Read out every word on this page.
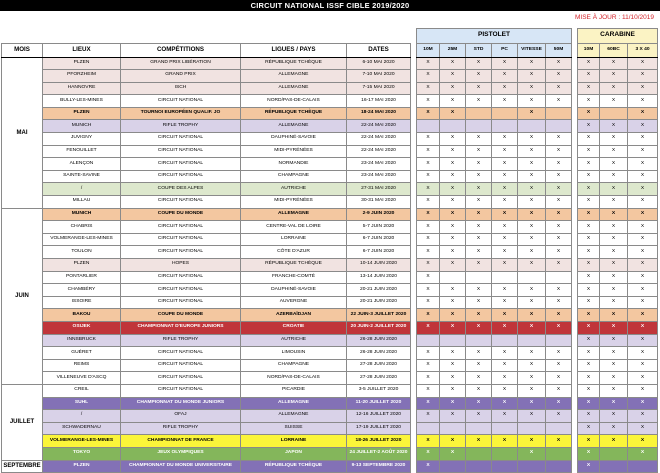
CIRCUIT NATIONAL ISSF CIBLE 2019/2020
MISE À JOUR : 11/10/2019
						PISTOLET							CARABINE		
MOIS	LIEUX	COMPÉTITIONS	LIGUES / PAYS	DATES		10M	25M	STD	PC	VITESSE	50M		10M	60BC	3 X 40
MAI	PLZEN	GRAND PRIX LIBÉRATION	RÉPUBLIQUE TCHÈQUE	6-10 MAI 2020		X	X	X	X	X	X		X	X	X
	PFORZHEIM	GRAND PRIX	ALLEMAGNE	7-10 MAI 2020		X	X	X	X	X	X		X	X	X
	HANNOVRE	ISCH	ALLEMAGNE	7-15 MAI 2020		X	X	X	X	X	X		X	X	X
	BULLY-LES-MINES	CIRCUIT NATIONAL	NORD/PAS-DE-CALAIS	16-17 MAI 2020		X	X	X	X	X	X		X	X	X
	PLZEN	TOURNOI EUROPÉEN QUALIF. JO	RÉPUBLIQUE TCHÈQUE	18-24 MAI 2020		X	X			X			X		X
	MUNICH	RIFLE TROPHY	ALLEMAGNE	22-24 MAI 2020									X	X	X
	JUVIGNY	CIRCUIT NATIONAL	DAUPHINÉ-SAVOIE	22-24 MAI 2020		X	X	X	X	X	X		X	X	X
	FENOUILLET	CIRCUIT NATIONAL	MIDI-PYRÉNÉES	22-24 MAI 2020		X	X	X	X	X	X		X	X	X
	ALENÇON	CIRCUIT NATIONAL	NORMANDIE	23-24 MAI 2020		X	X	X	X	X	X		X	X	X
	SAINTE-SAVINE	CIRCUIT NATIONAL	CHAMPAGNE	23-24 MAI 2020		X	X	X	X	X	X		X	X	X
	/	COUPE DES ALPES	AUTRICHE	27-31 MAI 2020		X	X	X	X	X	X		X	X	X
	MILLAU	CIRCUIT NATIONAL	MIDI-PYRÉNÉES	30-31 MAI 2020		X	X	X	X	X	X		X	X	X
JUIN	MUNICH	COUPE DU MONDE	ALLEMAGNE	2-9 JUIN 2020		X	X	X	X	X	X		X	X	X
	CHABRIS	CIRCUIT NATIONAL	CENTRE-VAL DE LOIRE	5-7 JUIN 2020		X	X	X	X	X	X		X	X	X
	VOLMERANGE-LES-MINES	CIRCUIT NATIONAL	LORRAINE	6-7 JUIN 2020		X	X	X	X	X	X		X	X	X
	TOULON	CIRCUIT NATIONAL	CÔTE D'AZUR	6-7 JUIN 2020		X	X	X	X	X	X		X	X	X
	PLZEN	HOPES	RÉPUBLIQUE TCHÈQUE	10-14 JUIN 2020		X	X	X	X	X	X		X	X	X
	PONTARLIER	CIRCUIT NATIONAL	FRANCHE-COMTÉ	13-14 JUIN 2020		X							X	X	X
	CHAMBÉRY	CIRCUIT NATIONAL	DAUPHINÉ-SAVOIE	20-21 JUIN 2020		X	X	X	X	X	X		X	X	X
	ISSOIRE	CIRCUIT NATIONAL	AUVERGNE	20-21 JUIN 2020		X	X	X	X	X	X		X	X	X
	BAKOU	COUPE DU MONDE	AZERBAÏDJAN	22 JUIN-3 JUILLET 2020		X	X	X	X	X	X		X	X	X
	OSIJEK	CHAMPIONNAT D'EUROPE JUNIORS	CROATIE	20 JUIN-2 JUILLET 2020		X	X	X	X	X	X		X	X	X
	INNSBRUCK	RIFLE TROPHY	AUTRICHE	26-28 JUIN 2020									X	X	X
	GUÉRET	CIRCUIT NATIONAL	LIMOUSIN	26-28 JUIN 2020		X	X	X	X	X	X		X	X	X
	REIMS	CIRCUIT NATIONAL	CHAMPAGNE	27-28 JUIN 2020		X	X	X	X	X	X		X	X	X
	VILLENEUVE D'ASCQ	CIRCUIT NATIONAL	NORD/PAS-DE-CALAIS	27-28 JUIN 2020		X	X	X	X	X	X		X	X	X
JUILLET	CREIL	CIRCUIT NATIONAL	PICARDIE	3-5 JUILLET 2020		X	X	X	X	X	X		X	X	X
	SUHL	CHAMPIONNAT DU MONDE JUNIORS	ALLEMAGNE	11-20 JUILLET 2020		X	X	X	X	X	X		X	X	X
	/	OFAJ	ALLEMAGNE	12-16 JUILLET 2020		X	X	X	X	X	X		X	X	X
	SCHWADERNAU	RIFLE TROPHY	SUISSE	17-19 JUILLET 2020									X	X	X
	VOLMERANGE-LES-MINES	CHAMPIONNAT DE FRANCE	LORRAINE	18-26 JUILLET 2020		X	X	X	X	X	X		X	X	X
	TOKYO	JEUX OLYMPIQUES	JAPON	24 JUILLET-2 AOÛT 2020		X	X			X			X		X
SEPTEMBRE	PLZEN	CHAMPIONNAT DU MONDE UNIVERSITAIRE	RÉPUBLIQUE TCHÈQUE	9-13 SEPTEMBRE 2020		X							X		
